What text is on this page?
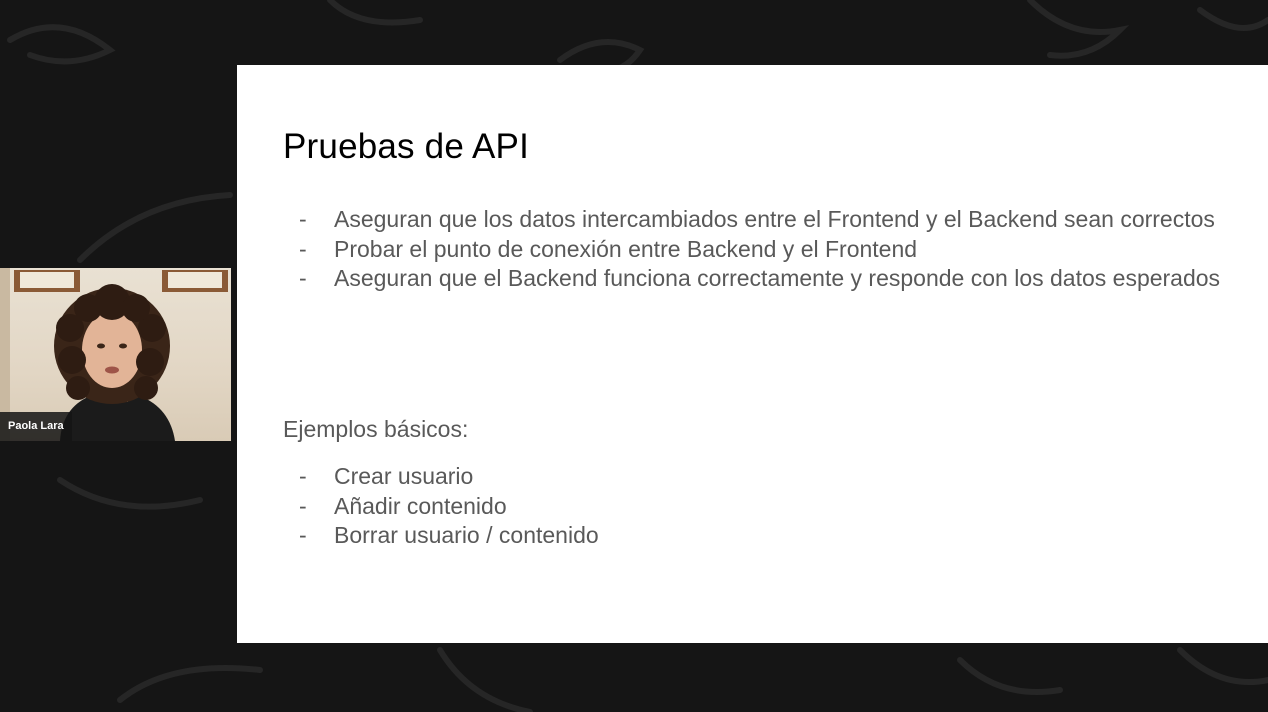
Paola Lara
Pruebas de API
- Aseguran que los datos intercambiados entre el Frontend y el Backend sean correctos
- Probar el punto de conexión entre Backend y el Frontend
- Aseguran que el Backend funciona correctamente y responde con los datos esperados

Ejemplos básicos:

- Crear usuario
- Añadir contenido
- Borrar usuario / contenido
